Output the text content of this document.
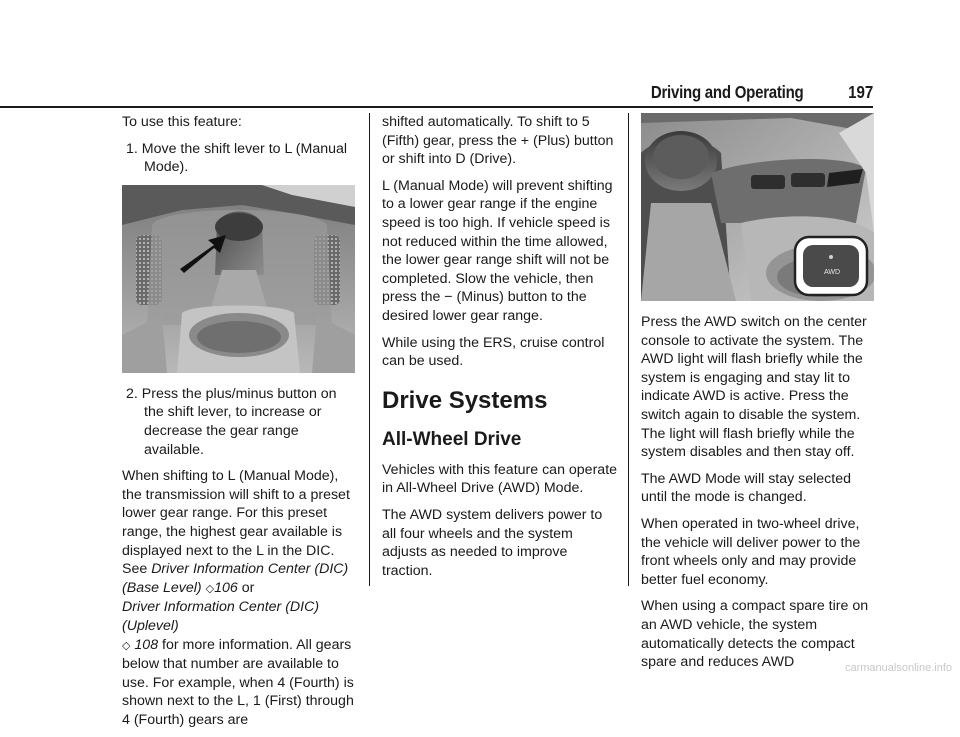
Driving and Operating	197

To use this feature:

1. Move the shift lever to L (Manual Mode).

2. Press the plus/minus button on the shift lever, to increase or decrease the gear range available.

When shifting to L (Manual Mode), the transmission will shift to a preset lower gear range. For this preset range, the highest gear available is displayed next to the L in the DIC. See Driver Information Center (DIC) (Base Level) ◇106 or
Driver Information Center (DIC) (Uplevel)
◇ 108 for more information. All gears below that number are available to use. For example, when 4 (Fourth) is shown next to the L, 1 (First) through 4 (Fourth) gears are

shifted automatically. To shift to 5 (Fifth) gear, press the + (Plus) button or shift into D (Drive).

L (Manual Mode) will prevent shifting to a lower gear range if the engine speed is too high. If vehicle speed is not reduced within the time allowed, the lower gear range shift will not be completed. Slow the vehicle, then press the − (Minus) button to the desired lower gear range.

While using the ERS, cruise control can be used.

Drive Systems
All-Wheel Drive

Vehicles with this feature can operate in All-Wheel Drive (AWD) Mode.

The AWD system delivers power to all four wheels and the system adjusts as needed to improve traction.

AWD

Press the AWD switch on the center console to activate the system. The AWD light will flash briefly while the system is engaging and stay lit to indicate AWD is active. Press the switch again to disable the system. The light will flash briefly while the system disables and then stay off.

The AWD Mode will stay selected until the mode is changed.

When operated in two-wheel drive, the vehicle will deliver power to the front wheels only and may provide better fuel economy.

When using a compact spare tire on an AWD vehicle, the system automatically detects the compact spare and reduces AWD	carmanualsonline.info
